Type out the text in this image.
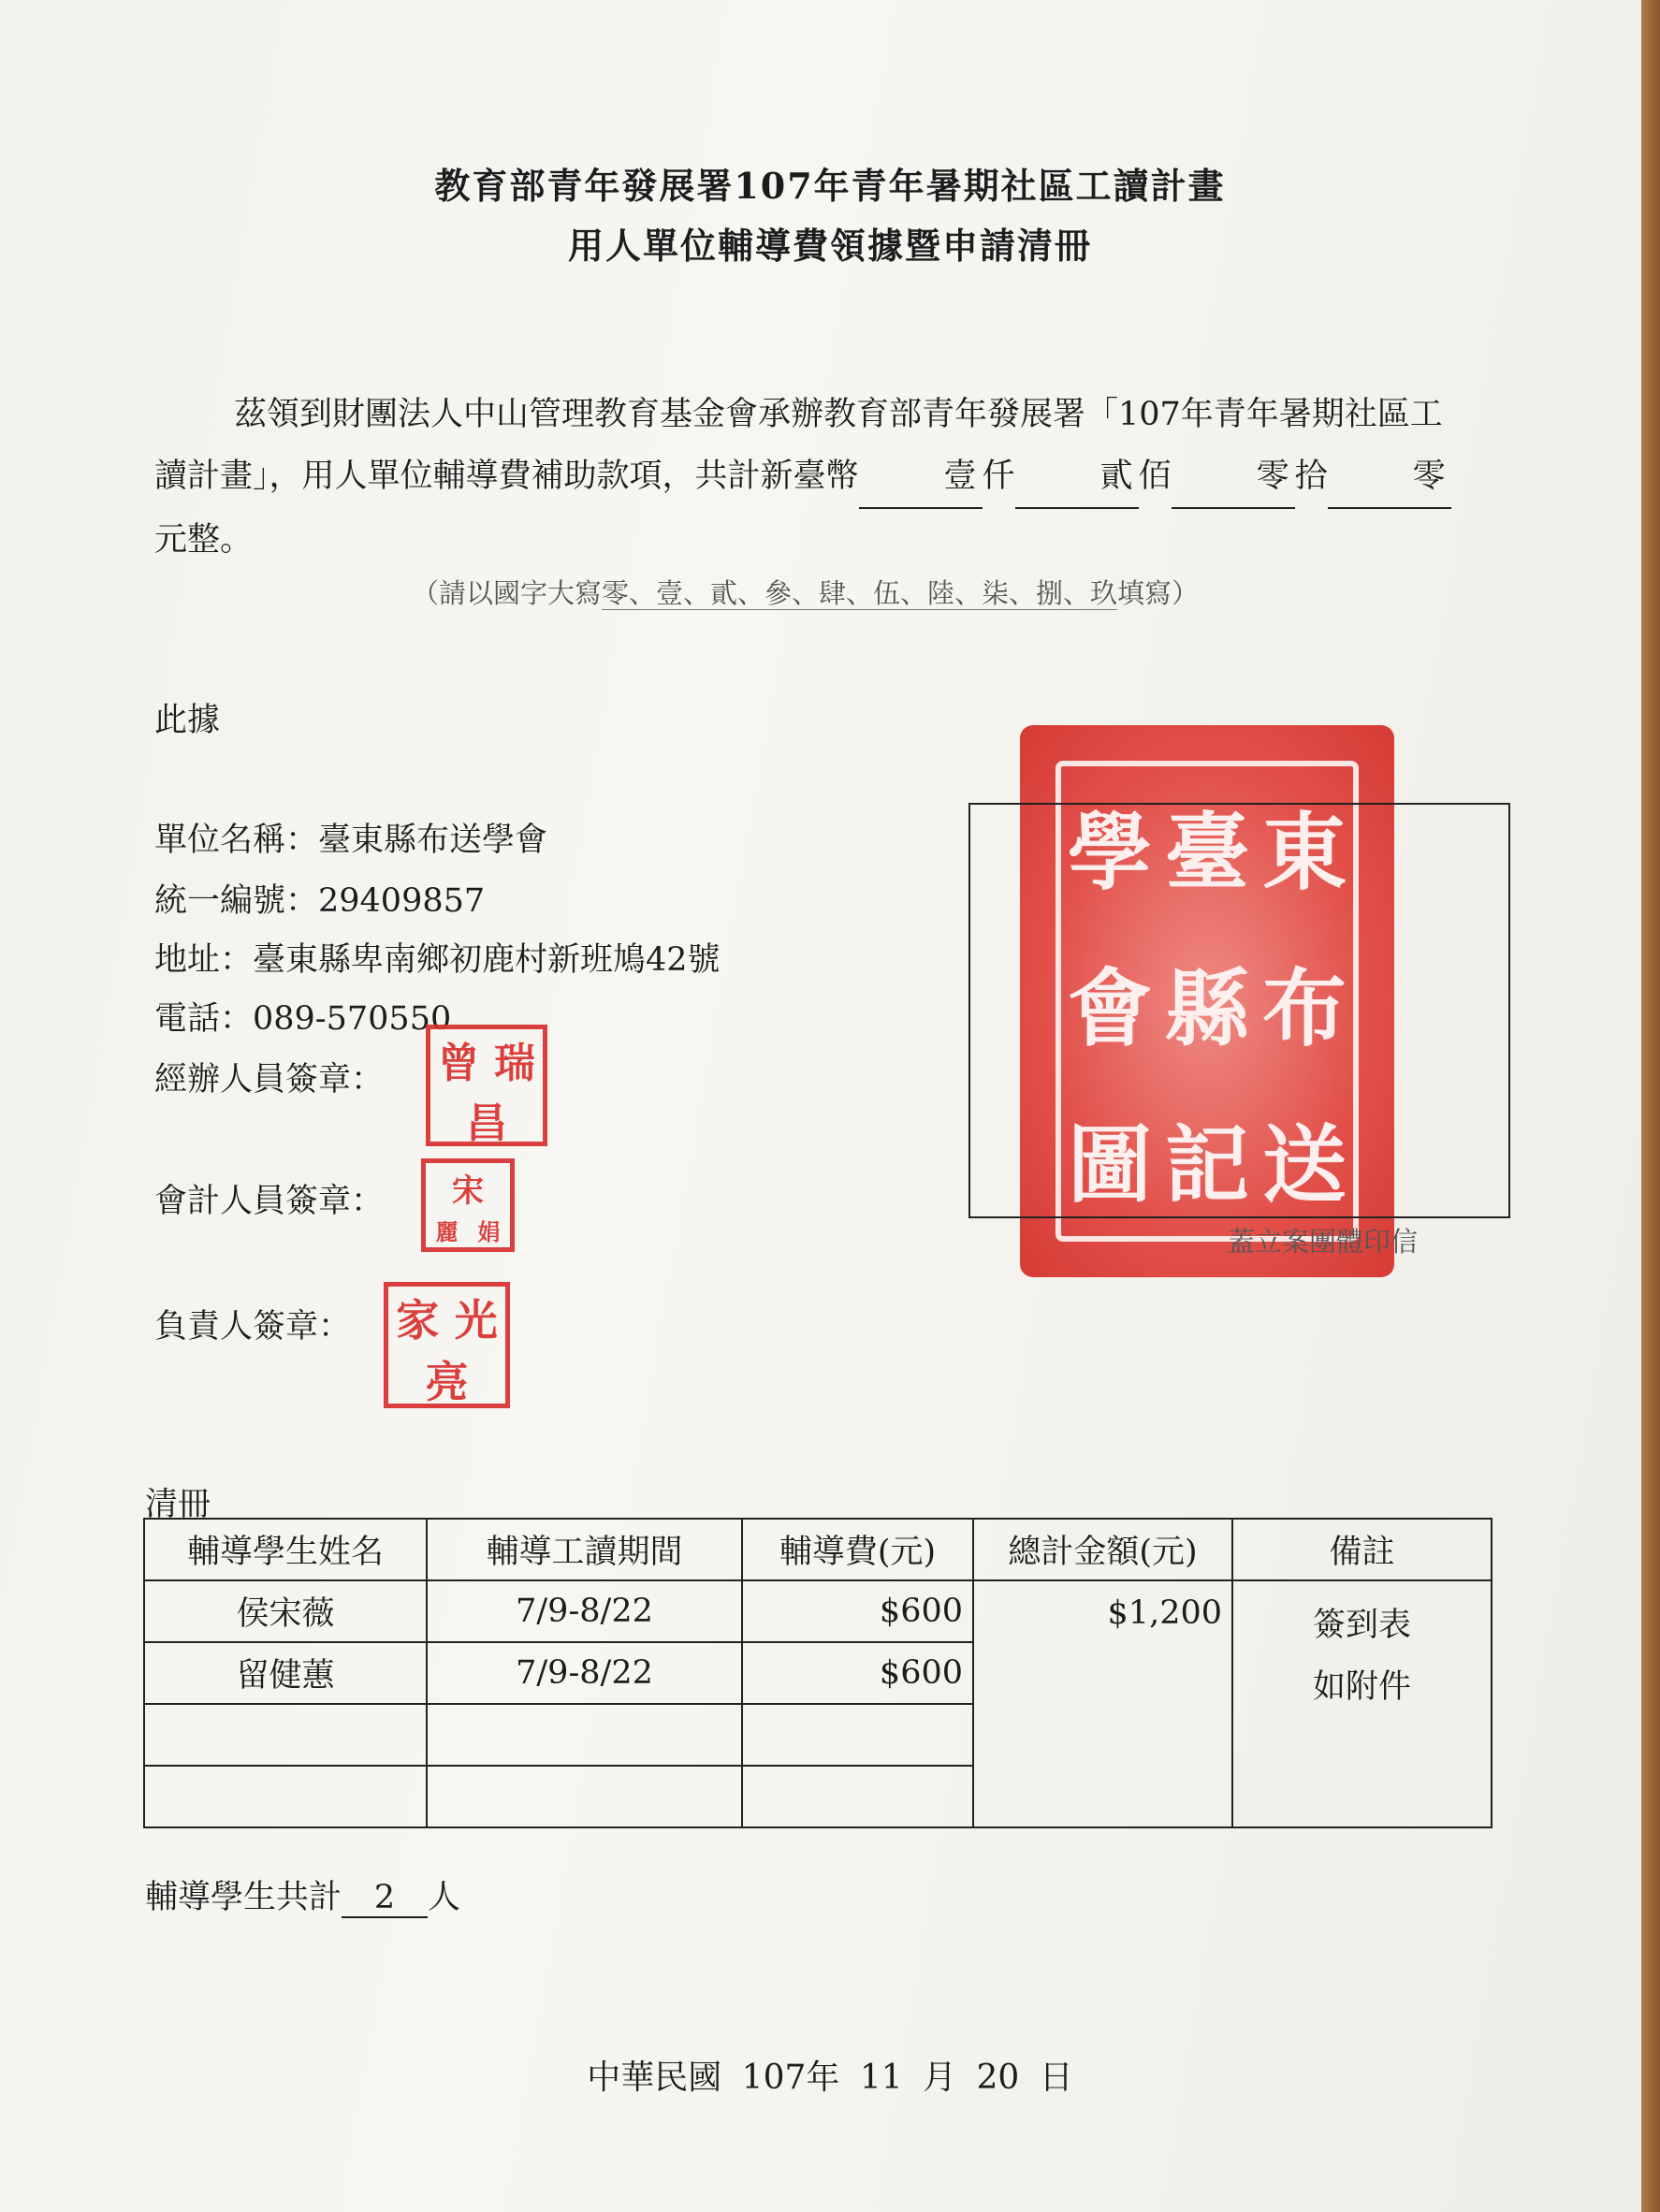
教育部青年發展署107年青年暑期社區工讀計畫
用人單位輔導費領據暨申請清冊
茲領到財團法人中山管理教育基金會承辦教育部青年發展署「107年青年暑期社區工讀計畫」，用人單位輔導費補助款項，共計新臺幣	壹 仟	貳 佰	零 拾	零元整。
（請以國字大寫零、壹、貳、參、肆、伍、陸、柒、捌、玖填寫）
此據
單位名稱：臺東縣布送學會
統一編號：29409857
地址：臺東縣卑南鄉初鹿村新班鳩42號
電話：089-570550
經辦人員簽章：
會計人員簽章：
負責人簽章：
曾 瑞
昌
宋
麗 娟
家 光
亮
學 臺 東
會 縣 布
圖 記 送
蓋立案團體印信
清冊
輔導學生姓名	輔導工讀期間	輔導費(元)	總計金額(元)	備註
侯宋薇	7/9-8/22	$600	$1,200	簽到表
如附件

留健蕙	7/9-8/22	$600		

輔導學生共計 2 人
中華民國 107年 11 月 20 日
